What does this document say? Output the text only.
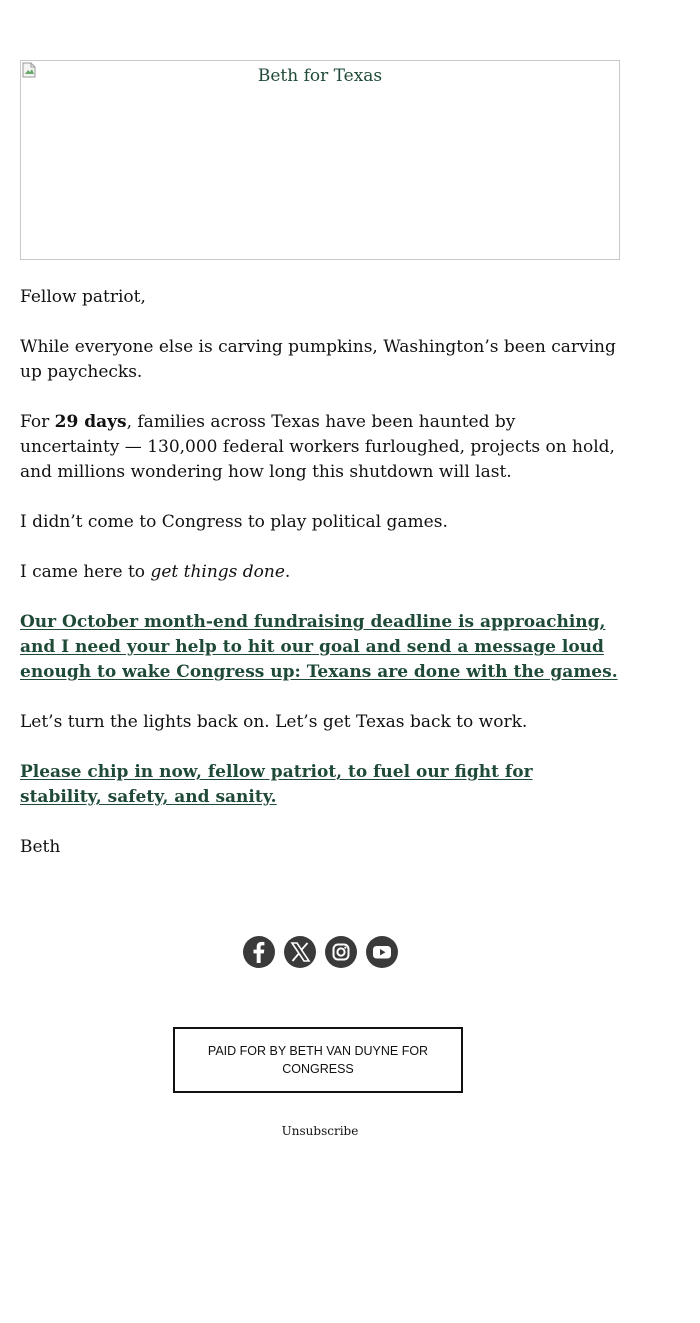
Beth for Texas

Fellow patriot,

While everyone else is carving pumpkins, Washington’s been carving up paychecks.

For 29 days, families across Texas have been haunted by uncertainty — 130,000 federal workers furloughed, projects on hold, and millions wondering how long this shutdown will last.

I didn’t come to Congress to play political games.

I came here to get things done.

Our October month-end fundraising deadline is approaching, and I need your help to hit our goal and send a message loud enough to wake Congress up: Texans are done with the games.

Let’s turn the lights back on. Let’s get Texas back to work.

Please chip in now, fellow patriot, to fuel our fight for stability, safety, and sanity.

Beth

PAID FOR BY BETH VAN DUYNE FOR CONGRESS
Unsubscribe
